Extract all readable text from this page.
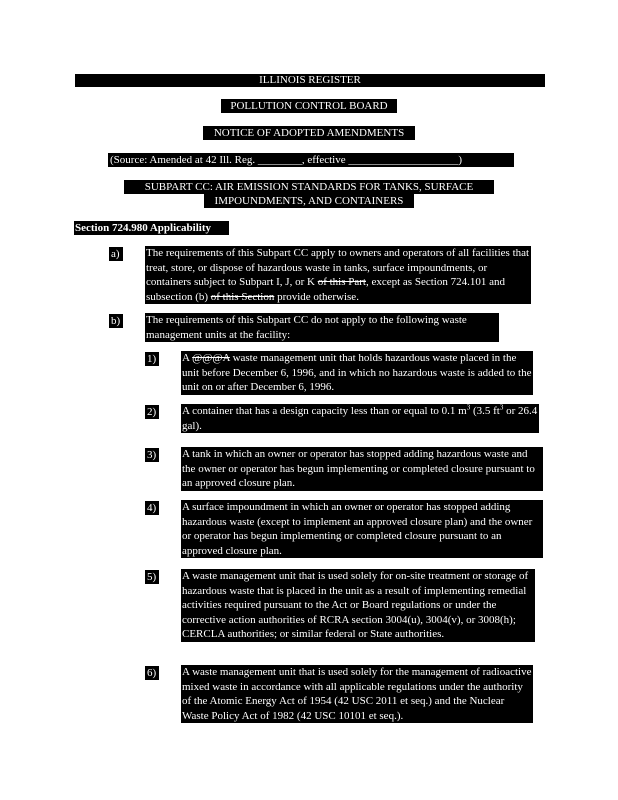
ILLINOIS REGISTER
POLLUTION CONTROL BOARD
NOTICE OF ADOPTED AMENDMENTS
(Source: Amended at 42 Ill. Reg. ________, effective ____________________)
SUBPART CC: AIR EMISSION STANDARDS FOR TANKS, SURFACE
IMPOUNDMENTS, AND CONTAINERS
Section 724.980 Applicability
a)	The requirements of this Subpart CC apply to owners and operators of all facilities that treat, store, or dispose of hazardous waste in tanks, surface impoundments, or containers subject to Subpart I, J, or K of this Part, except as Section 724.101 and subsection (b) of this Section provide otherwise.
b) The requirements of this Subpart CC do not apply to the following waste management units at the facility:
1) A @@@A waste management unit that holds hazardous waste placed in the unit before December 6, 1996, and in which no hazardous waste is added to the unit on or after December 6, 1996.
2) A container that has a design capacity less than or equal to 0.1 $m^3$ (3.5 $ft^3$ or 26.4 gal).
3) A tank in which an owner or operator has stopped adding hazardous waste and the owner or operator has begun implementing or completed closure pursuant to an approved closure plan.
4) A surface impoundment in which an owner or operator has stopped adding hazardous waste (except to implement an approved closure plan) and the owner or operator has begun implementing or completed closure pursuant to an approved closure plan.
5) A waste management unit that is used solely for on-site treatment or storage of hazardous waste that is placed in the unit as a result of implementing remedial activities required pursuant to the Act or Board regulations or under the corrective action authorities of RCRA section 3004(u), 3004(v), or 3008(h); CERCLA authorities; or similar federal or State authorities.
6) A waste management unit that is used solely for the management of radioactive mixed waste in accordance with all applicable regulations under the authority of the Atomic Energy Act of 1954 (42 USC 2011 et seq.) and the Nuclear Waste Policy Act of 1982 (42 USC 10101 et seq.).
